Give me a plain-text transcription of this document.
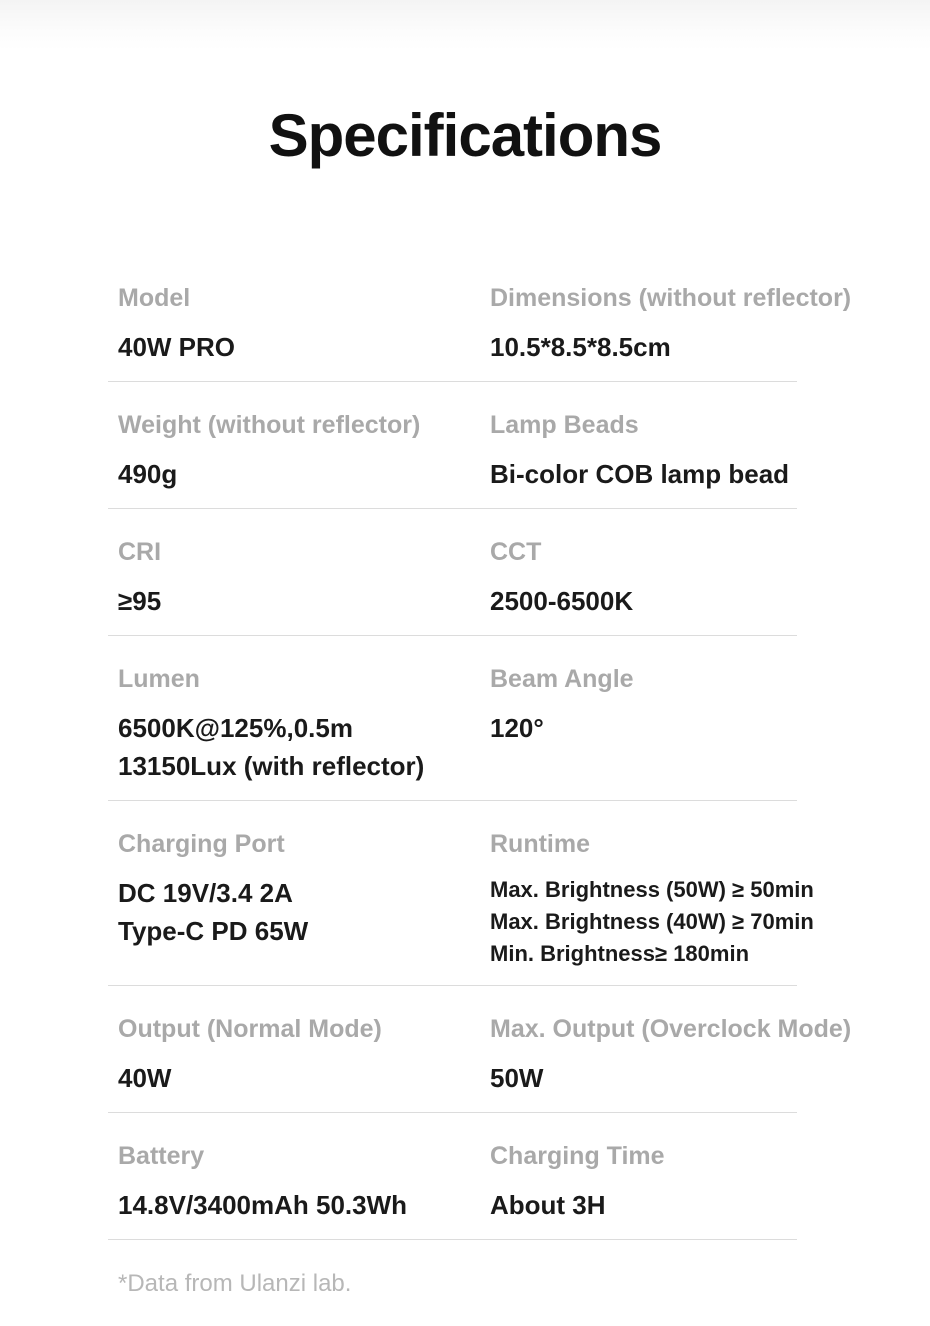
Specifications
Model
40W PRO
Dimensions (without reflector)
10.5*8.5*8.5cm
Weight (without reflector)
490g
Lamp Beads
Bi-color COB lamp bead
CRI
≥95
CCT
2500-6500K
Lumen
6500K@125%,0.5m
13150Lux (with reflector)
Beam Angle
120°
Charging Port
DC 19V/3.4 2A
Type-C PD 65W
Runtime
Max. Brightness (50W) ≥ 50min
Max. Brightness (40W) ≥ 70min
Min. Brightness≥ 180min
Output (Normal Mode)
40W
Max. Output (Overclock Mode)
50W
Battery
14.8V/3400mAh 50.3Wh
Charging Time
About 3H
*Data from Ulanzi lab.
